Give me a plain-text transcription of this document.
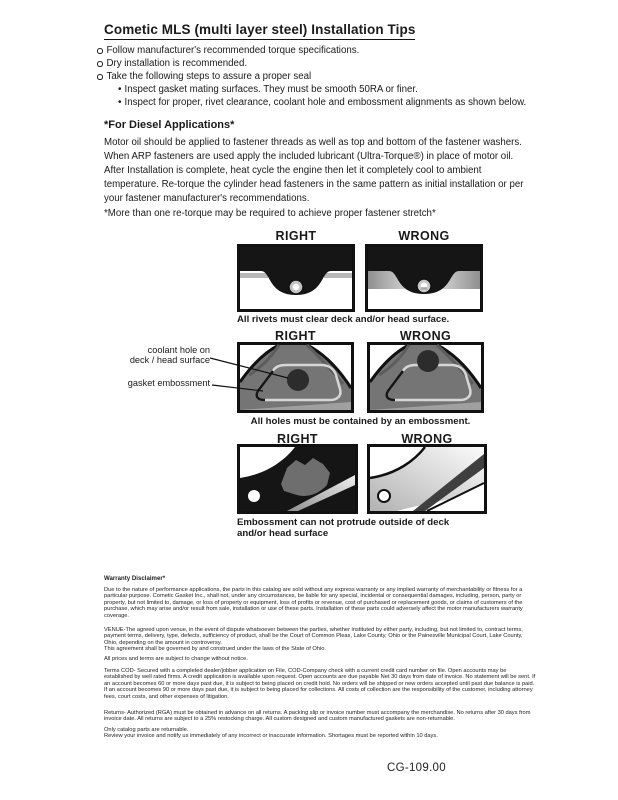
Cometic MLS (multi layer steel) Installation Tips
Follow manufacturer's recommended torque specifications.
Dry installation is recommended.
Take the following steps to assure a proper seal
• Inspect gasket mating surfaces. They must be smooth 50RA or finer.
• Inspect for proper, rivet clearance, coolant hole and embossment alignments as shown below.
*For Diesel Applications*
Motor oil should be applied to fastener threads as well as top and bottom of the fastener washers. When ARP fasteners are used apply the included lubricant (Ultra-Torque®) in place of motor oil.
After Installation is complete, heat cycle the engine then let it completely cool to ambient temperature. Re-torque the cylinder head fasteners in the same pattern as initial installation or per your fastener manufacturer's recommendations.
*More than one re-torque may be required to achieve proper fastener stretch*
RIGHT	WRONG
All rivets must clear deck and/or head surface.
RIGHT	WRONG
coolant hole on
deck / head surface
gasket embossment
All holes must be contained by an embossment.
RIGHT	WRONG
Embossment can not protrude outside of deck
and/or head surface
Warranty Disclaimer*
Due to the nature of performance applications, the parts in this catalog are sold without any express warranty or any implied warranty of merchantability or fitness for a particular purpose. Cometic Gasket Inc., shall not, under any circumstances, be liable for any special, incidental or consequential damages, including, person, party or property, but not limited to, damage, or loss of property or equipment, loss of profits or revenue, cost of purchased or replacement goods, or claims of customers of the purchase, which may arise and/or result from sale, installation or use of these parts. Installation of these parts could adversely affect the motor manufacturers warranty coverage.
VENUE-The agreed upon venue, in the event of dispute whatsoever between the parties, whether instituted by either party, including, but not limited to, contract terms, payment terms, delivery, type, defects, sufficiency of product, shall be the Court of Common Pleas, Lake County, Ohio or the Painesville Municipal Court, Lake County, Ohio, depending on the amount in controversy.
This agreement shall be governed by and construed under the laws of the State of Ohio.
All prices and terms are subject to change without notice.
Terms COD- Secured with a completed dealer/jobber application on File, COD-Company check with a current credit card number on file. Open accounts may be established by well rated firms. A credit application is available upon request. Open accounts are due payable Net 30 days from date of invoice. No statement will be sent. If an account becomes 60 or more days past due, it is subject to being placed on credit hold. No orders will be shipped or new orders accepted until past due balance is paid. If an account becomes 90 or more days past due, it is subject to being placed for collections. All costs of collection are the responsibility of the customer, including attorney fees, court costs, and other expenses of litigation.
Returns- Authorized (RGA) must be obtained in advance on all returns. A packing slip or invoice number must accompany the merchandise. No returns after 30 days from invoice date. All returns are subject to a 25% restocking charge. All custom designed and custom manufactured gaskets are non-returnable.
Only catalog parts are returnable.
Review your invoice and notify us immediately of any incorrect or inaccurate information. Shortages must be reported within 10 days.
CG-109.00
